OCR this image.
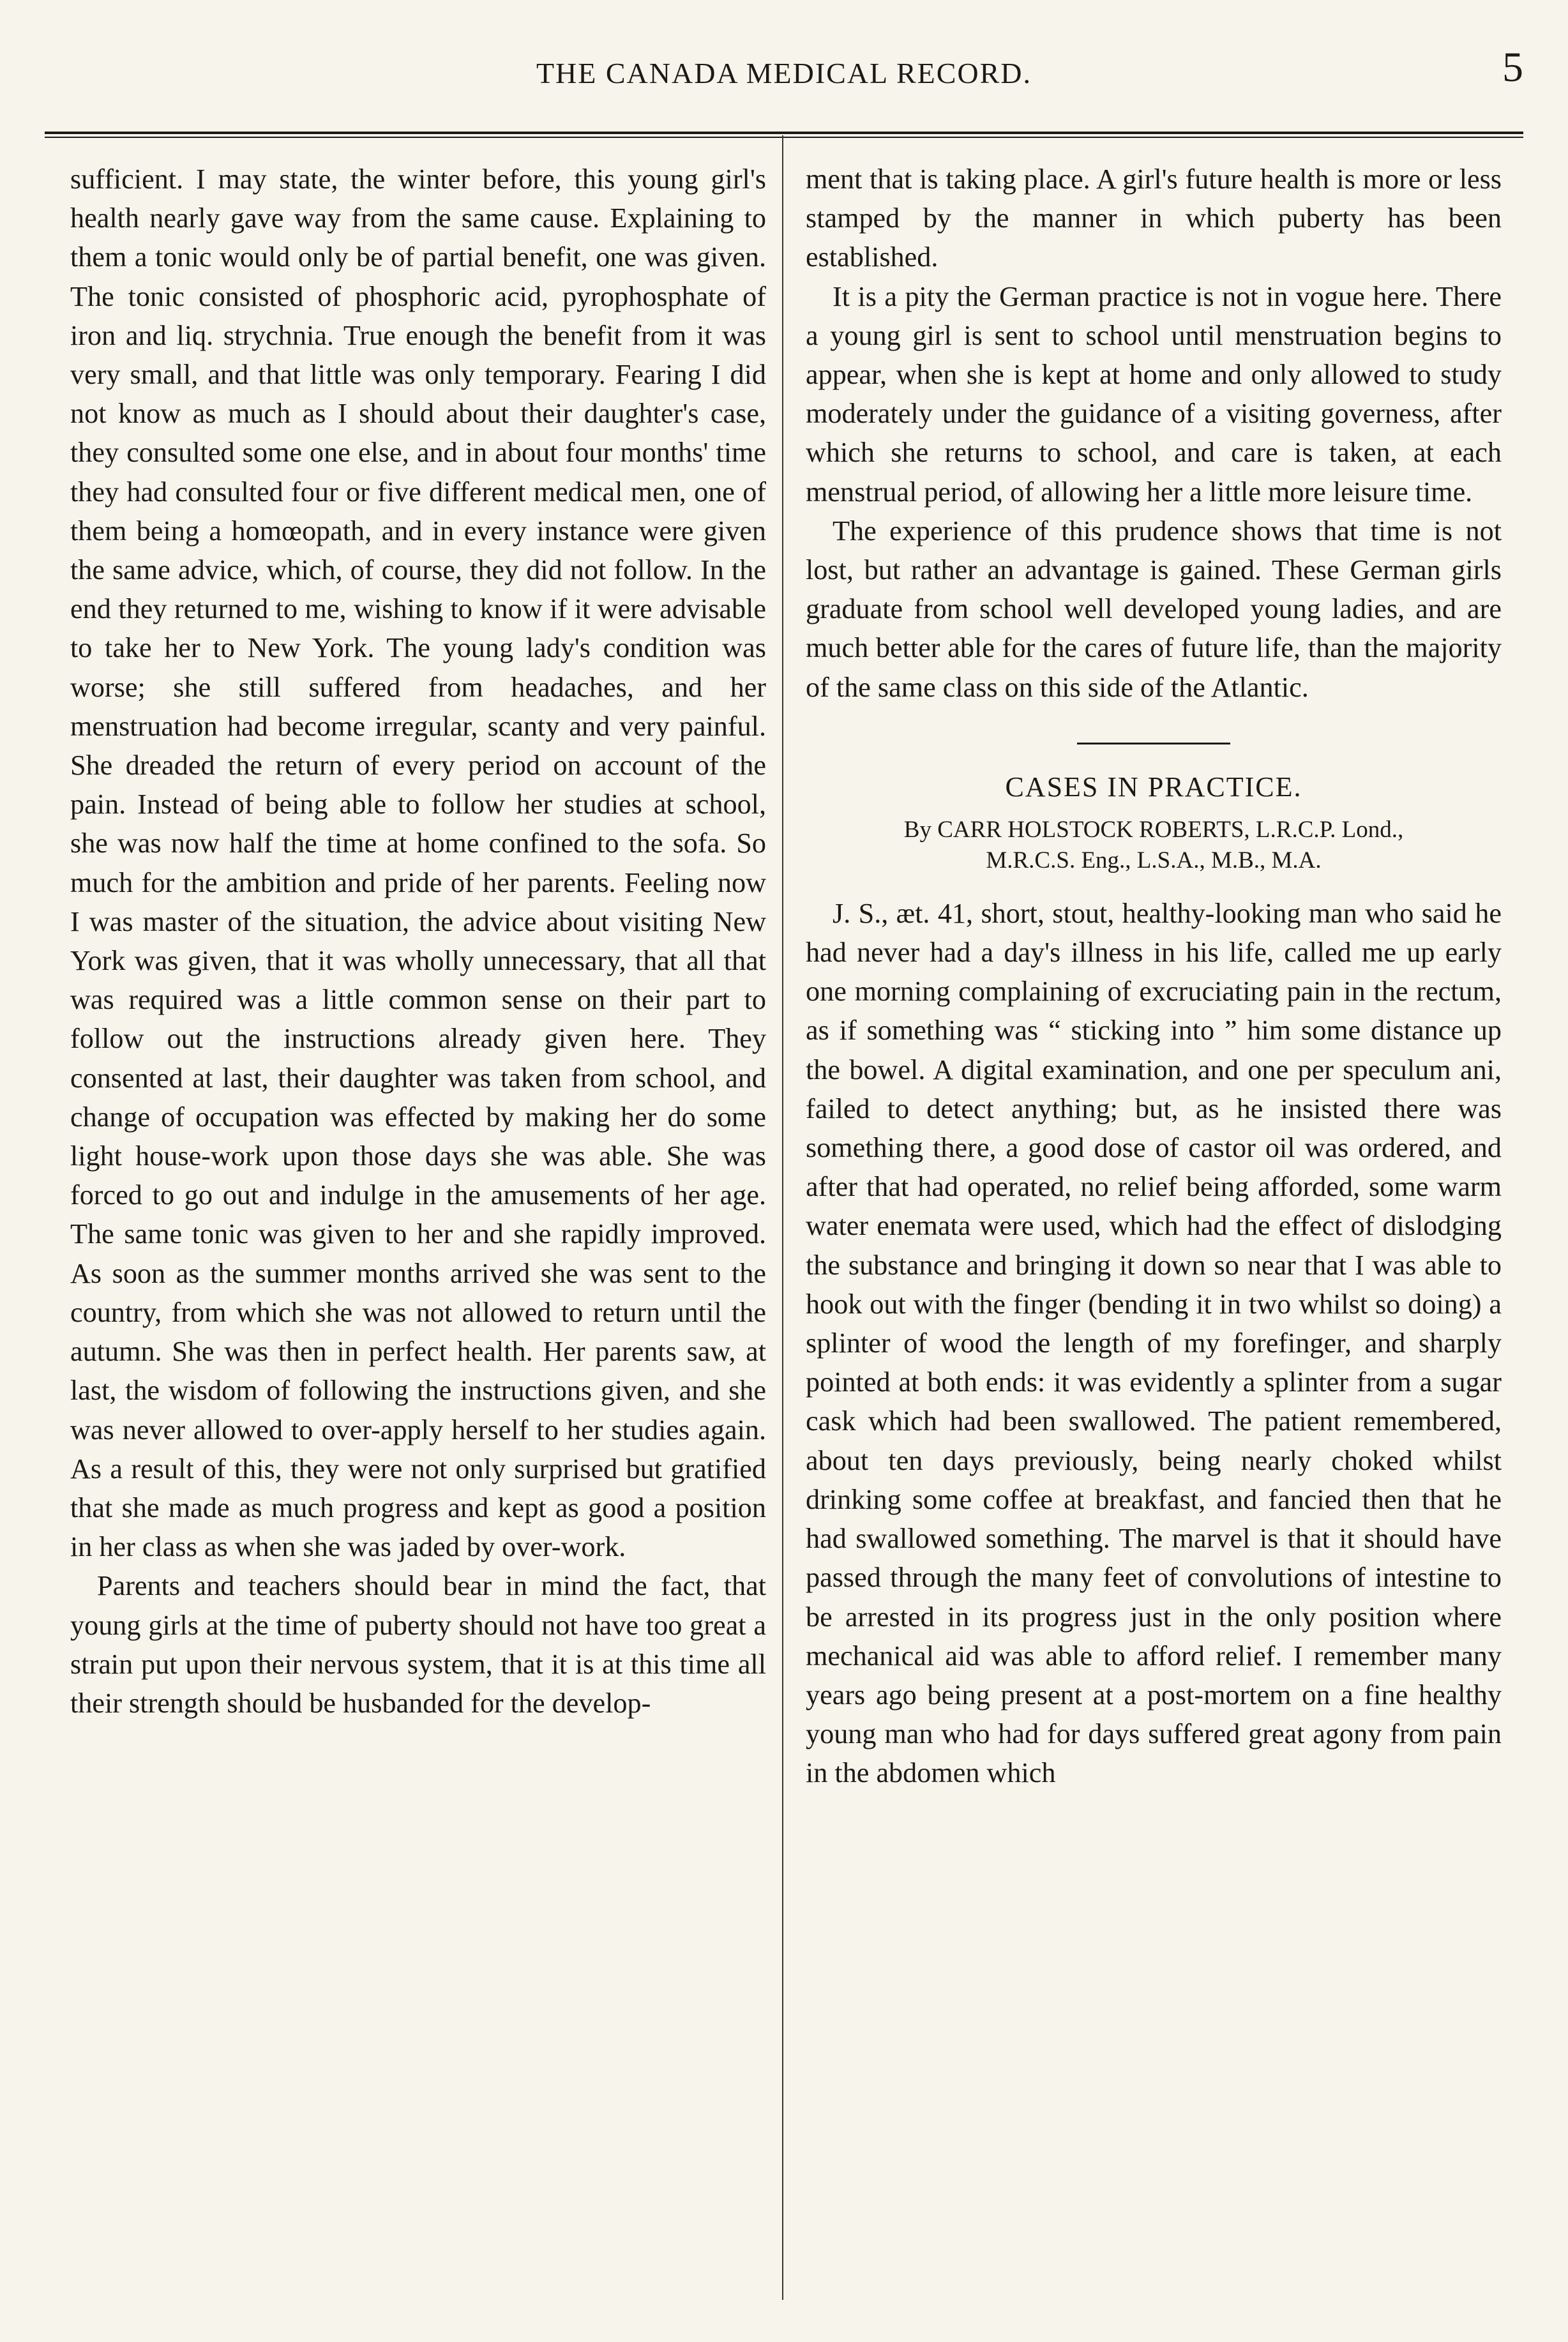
THE CANADA MEDICAL RECORD.	5

sufficient. I may state, the winter before, this young girl's health nearly gave way from the same cause. Explaining to them a tonic would only be of partial benefit, one was given. The tonic consisted of phosphoric acid, pyrophosphate of iron and liq. strychnia. True enough the benefit from it was very small, and that little was only temporary. Fearing I did not know as much as I should about their daughter's case, they consulted some one else, and in about four months' time they had consulted four or five different medical men, one of them being a homœopath, and in every instance were given the same advice, which, of course, they did not follow. In the end they returned to me, wishing to know if it were advisable to take her to New York. The young lady's condition was worse; she still suffered from headaches, and her menstruation had become irregular, scanty and very painful. She dreaded the return of every period on account of the pain. Instead of being able to follow her studies at school, she was now half the time at home confined to the sofa. So much for the ambition and pride of her parents. Feeling now I was master of the situation, the advice about visiting New York was given, that it was wholly unnecessary, that all that was required was a little common sense on their part to follow out the instructions already given here. They consented at last, their daughter was taken from school, and change of occupation was effected by making her do some light house-work upon those days she was able. She was forced to go out and indulge in the amusements of her age. The same tonic was given to her and she rapidly improved. As soon as the summer months arrived she was sent to the country, from which she was not allowed to return until the autumn. She was then in perfect health. Her parents saw, at last, the wisdom of following the instructions given, and she was never allowed to over-apply herself to her studies again. As a result of this, they were not only surprised but gratified that she made as much progress and kept as good a position in her class as when she was jaded by over-work.

Parents and teachers should bear in mind the fact, that young girls at the time of puberty should not have too great a strain put upon their nervous system, that it is at this time all their strength should be husbanded for the develop-

ment that is taking place. A girl's future health is more or less stamped by the manner in which puberty has been established.

It is a pity the German practice is not in vogue here. There a young girl is sent to school until menstruation begins to appear, when she is kept at home and only allowed to study moderately under the guidance of a visiting governess, after which she returns to school, and care is taken, at each menstrual period, of allowing her a little more leisure time.

The experience of this prudence shows that time is not lost, but rather an advantage is gained. These German girls graduate from school well developed young ladies, and are much better able for the cares of future life, than the majority of the same class on this side of the Atlantic.

CASES IN PRACTICE.
By CARR HOLSTOCK ROBERTS, L.R.C.P. Lond.,
M.R.C.S. Eng., L.S.A., M.B., M.A.

J. S., æt. 41, short, stout, healthy-looking man who said he had never had a day's illness in his life, called me up early one morning complaining of excruciating pain in the rectum, as if something was “ sticking into ” him some distance up the bowel. A digital examination, and one per speculum ani, failed to detect anything; but, as he insisted there was something there, a good dose of castor oil was ordered, and after that had operated, no relief being afforded, some warm water enemata were used, which had the effect of dislodging the substance and bringing it down so near that I was able to hook out with the finger (bending it in two whilst so doing) a splinter of wood the length of my forefinger, and sharply pointed at both ends: it was evidently a splinter from a sugar cask which had been swallowed. The patient remembered, about ten days previously, being nearly choked whilst drinking some coffee at breakfast, and fancied then that he had swallowed something. The marvel is that it should have passed through the many feet of convolutions of intestine to be arrested in its progress just in the only position where mechanical aid was able to afford relief. I remember many years ago being present at a post-mortem on a fine healthy young man who had for days suffered great agony from pain in the abdomen which
